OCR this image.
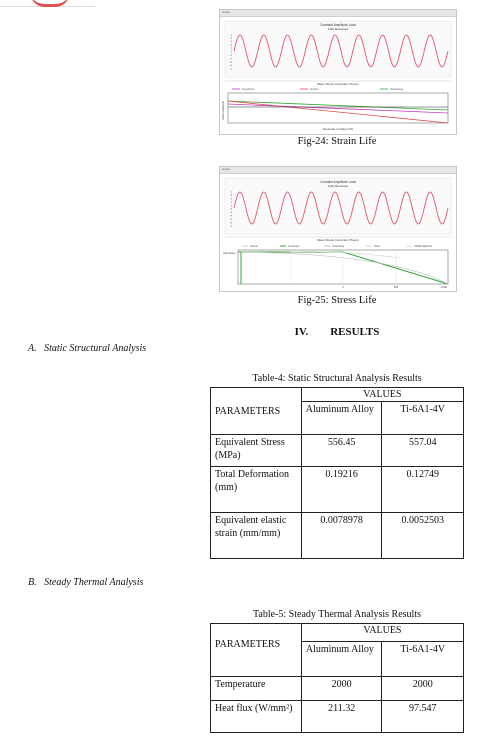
Ansys
Constant Amplitude Load
Fully Reversed
1
.8
.6
.4
.2
0
-.2
-.4
-.6
-.8
-1
Mean Stress Correction Theory
Goodman	Gerber	Soderberg
Strain Amplitude
Reversals to Failure (Nf)
Fig-24: Strain Life
Ansys
Constant Amplitude Load
Fully Reversed
1
.8
.6
.4
.2
0
-.2
-.4
-.6
-.8
-1
Mean Stress Correction Theory
Gerber	Goodman	Soderberg	None	ASME Elliptical
Alternating
0	500	1000
Fig-25: Stress Life
IV.        RESULTS
A.   Static Structural Analysis
Table-4: Static Structural Analysis Results
PARAMETERS	VALUES	
	Aluminum Alloy	Ti-6A1-4V
Equivalent Stress (MPa)	556.45	557.04
Total Deformation (mm)	0.19216	0.12749
Equivalent elastic strain (mm/mm)	0.0078978	0.0052503
B.   Steady Thermal Analysis
Table-5: Steady Thermal Analysis Results
PARAMETERS	VALUES	
	Aluminum Alloy	Ti-6A1-4V
Temperature	2000	2000
Heat flux (W/mm²)	211.32	97.547
